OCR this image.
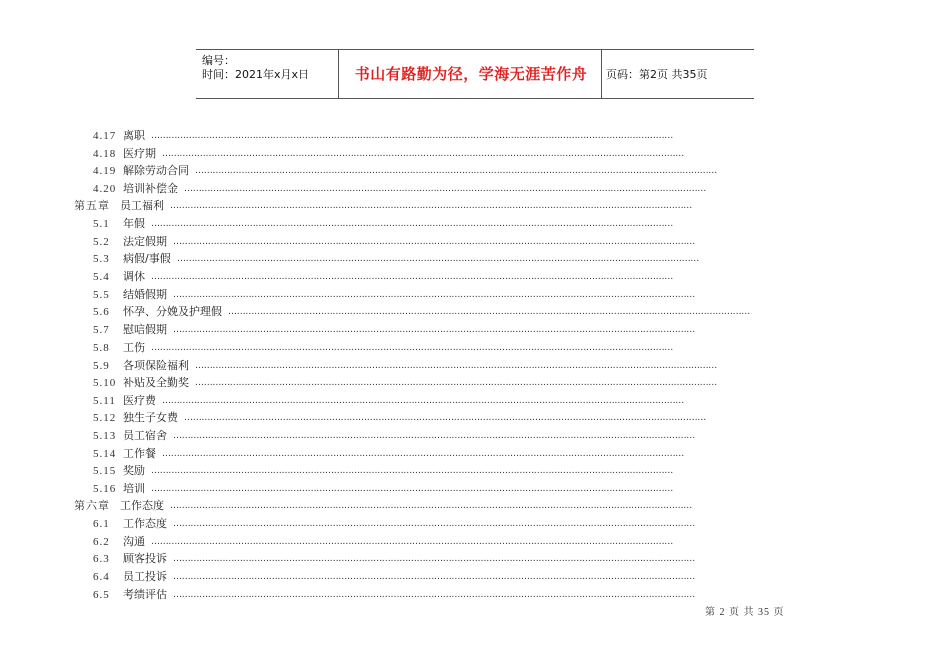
编号：
时间：2021年x月x日	书山有路勤为径，学海无涯苦作舟	页码：第2页 共35页
4.17 离职 ………………………………………………………………………………………………………………………………………………………………
4.18 医疗期 ………………………………………………………………………………………………………………………………………………………………
4.19 解除劳动合同 ………………………………………………………………………………………………………………………………………………………………
4.20 培训补偿金 ………………………………………………………………………………………………………………………………………………………………
第五章 员工福利 ………………………………………………………………………………………………………………………………………………………………
5.1 年假 ………………………………………………………………………………………………………………………………………………………………
5.2 法定假期 ………………………………………………………………………………………………………………………………………………………………
5.3 病假/事假 ………………………………………………………………………………………………………………………………………………………………
5.4 调休 ………………………………………………………………………………………………………………………………………………………………
5.5 结婚假期 ………………………………………………………………………………………………………………………………………………………………
5.6 怀孕、分娩及护理假 ………………………………………………………………………………………………………………………………………………………………
5.7 慰唁假期 ………………………………………………………………………………………………………………………………………………………………
5.8 工伤 ………………………………………………………………………………………………………………………………………………………………
5.9 各项保险福利 ………………………………………………………………………………………………………………………………………………………………
5.10 补贴及全勤奖 ………………………………………………………………………………………………………………………………………………………………
5.11 医疗费 ………………………………………………………………………………………………………………………………………………………………
5.12 独生子女费 ………………………………………………………………………………………………………………………………………………………………
5.13 员工宿舍 ………………………………………………………………………………………………………………………………………………………………
5.14 工作餐 ………………………………………………………………………………………………………………………………………………………………
5.15 奖励 ………………………………………………………………………………………………………………………………………………………………
5.16 培训 ………………………………………………………………………………………………………………………………………………………………
第六章 工作态度 ………………………………………………………………………………………………………………………………………………………………
6.1 工作态度 ………………………………………………………………………………………………………………………………………………………………
6.2 沟通 ………………………………………………………………………………………………………………………………………………………………
6.3 顾客投诉 ………………………………………………………………………………………………………………………………………………………………
6.4 员工投诉 ………………………………………………………………………………………………………………………………………………………………
6.5 考绩评估 ………………………………………………………………………………………………………………………………………………………………
第 2 页 共 35 页
